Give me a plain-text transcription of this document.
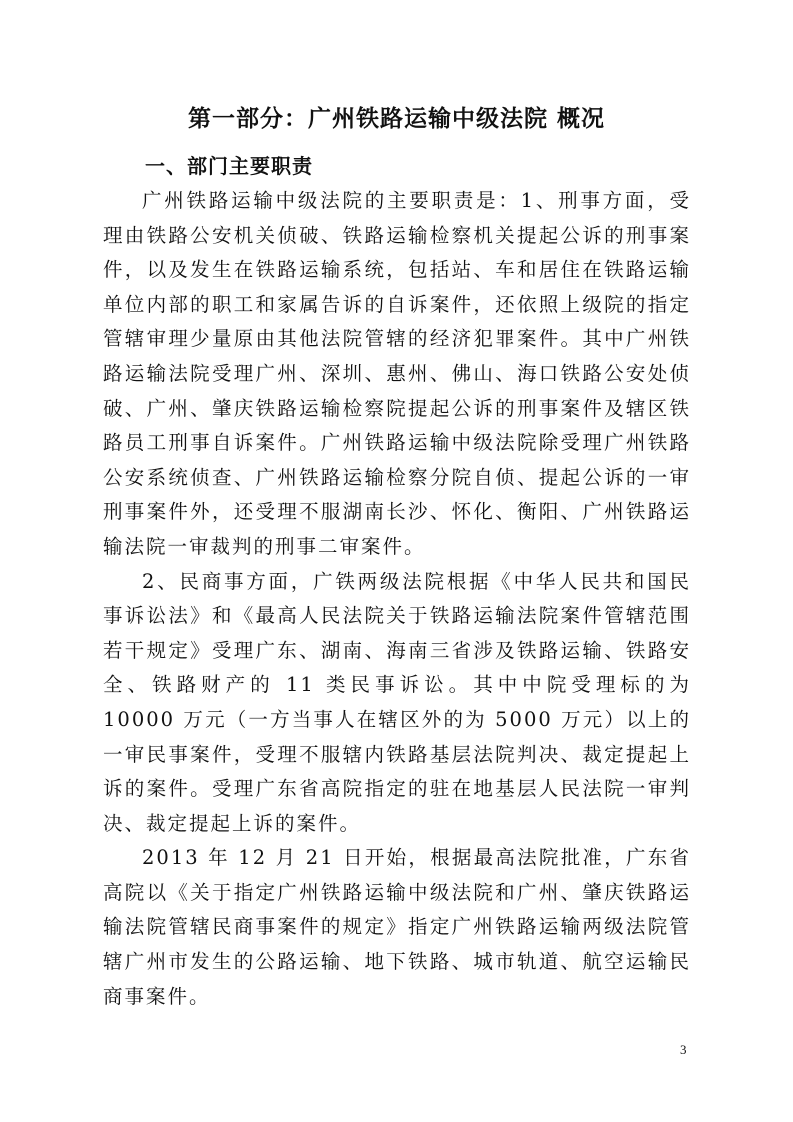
第一部分：广州铁路运输中级法院 概况
一、部门主要职责

广州铁路运输中级法院的主要职责是：1、刑事方面，受理由铁路公安机关侦破、铁路运输检察机关提起公诉的刑事案件，以及发生在铁路运输系统，包括站、车和居住在铁路运输单位内部的职工和家属告诉的自诉案件，还依照上级院的指定管辖审理少量原由其他法院管辖的经济犯罪案件。其中广州铁路运输法院受理广州、深圳、惠州、佛山、海口铁路公安处侦破、广州、肇庆铁路运输检察院提起公诉的刑事案件及辖区铁路员工刑事自诉案件。广州铁路运输中级法院除受理广州铁路公安系统侦查、广州铁路运输检察分院自侦、提起公诉的一审刑事案件外，还受理不服湖南长沙、怀化、衡阳、广州铁路运输法院一审裁判的刑事二审案件。

2、民商事方面，广铁两级法院根据《中华人民共和国民事诉讼法》和《最高人民法院关于铁路运输法院案件管辖范围若干规定》受理广东、湖南、海南三省涉及铁路运输、铁路安全、铁路财产的 11 类民事诉讼。其中中院受理标的为 10000 万元（一方当事人在辖区外的为 5000 万元）以上的一审民事案件，受理不服辖内铁路基层法院判决、裁定提起上诉的案件。受理广东省高院指定的驻在地基层人民法院一审判决、裁定提起上诉的案件。

2013 年 12 月 21 日开始，根据最高法院批准，广东省高院以《关于指定广州铁路运输中级法院和广州、肇庆铁路运输法院管辖民商事案件的规定》指定广州铁路运输两级法院管辖广州市发生的公路运输、地下铁路、城市轨道、航空运输民商事案件。

3
